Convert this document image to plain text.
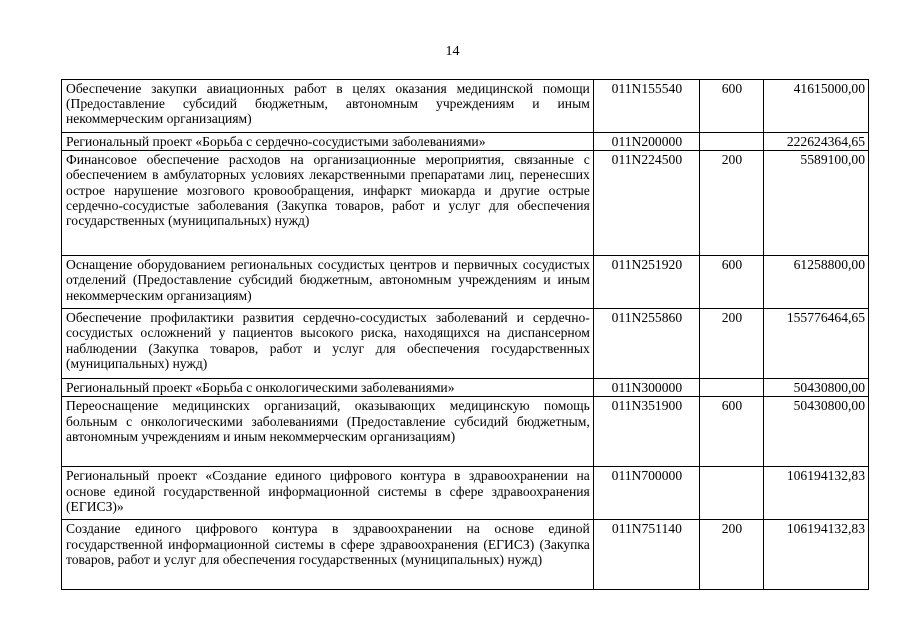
14
Обеспечение закупки авиационных работ в целях оказания медицинской помощи (Предоставление субсидий бюджетным, автономным учреждениям и иным некоммерческим организациям)	011N155540	600	41615000,00
Региональный проект «Борьба с сердечно-сосудистыми заболеваниями»	011N200000		222624364,65
Финансовое обеспечение расходов на организационные мероприятия, связанные с обеспечением в амбулаторных условиях лекарственными препаратами лиц, перенесших острое нарушение мозгового кровообращения, инфаркт миокарда и другие острые сердечно-сосудистые заболевания (Закупка товаров, работ и услуг для обеспечения государственных (муниципальных) нужд)	011N224500	200	5589100,00
Оснащение оборудованием региональных сосудистых центров и первичных сосудистых отделений (Предоставление субсидий бюджетным, автономным учреждениям и иным некоммерческим организациям)	011N251920	600	61258800,00
Обеспечение профилактики развития сердечно-сосудистых заболеваний и сердечно-сосудистых осложнений у пациентов высокого риска, находящихся на диспансерном наблюдении (Закупка товаров, работ и услуг для обеспечения государственных (муниципальных) нужд)	011N255860	200	155776464,65
Региональный проект «Борьба с онкологическими заболеваниями»	011N300000		50430800,00
Переоснащение медицинских организаций, оказывающих медицинскую помощь больным с онкологическими заболеваниями (Предоставление субсидий бюджетным, автономным учреждениям и иным некоммерческим организациям)	011N351900	600	50430800,00
Региональный проект «Создание единого цифрового контура в здравоохранении на основе единой государственной информационной системы в сфере здравоохранения (ЕГИСЗ)»	011N700000		106194132,83
Создание единого цифрового контура в здравоохранении на основе единой государственной информационной системы в сфере здравоохранения (ЕГИСЗ) (Закупка товаров, работ и услуг для обеспечения государственных (муниципальных) нужд)	011N751140	200	106194132,83
